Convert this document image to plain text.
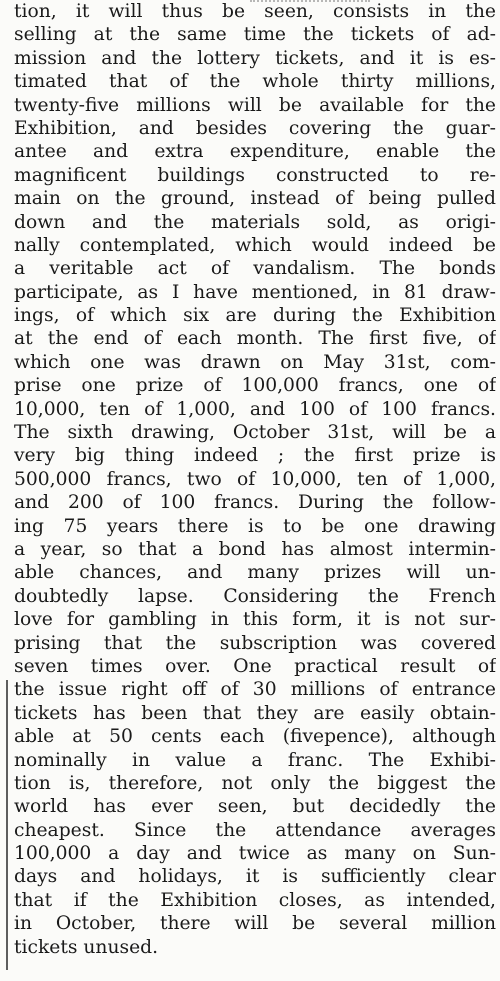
tion, it will thus be seen, consists in the
selling at the same time the tickets of ad-
mission and the lottery tickets, and it is es-
timated that of the whole thirty millions,
twenty-five millions will be available for the
Exhibition, and besides covering the guar-
antee and extra expenditure, enable the
magnificent buildings constructed to re-
main on the ground, instead of being pulled
down and the materials sold, as origi-
nally contemplated, which would indeed be
a veritable act of vandalism. The bonds
participate, as I have mentioned, in 81 draw-
ings, of which six are during the Exhibition
at the end of each month. The first five, of
which one was drawn on May 31st, com-
prise one prize of 100,000 francs, one of
10,000, ten of 1,000, and 100 of 100 francs.
The sixth drawing, October 31st, will be a
very big thing indeed ; the first prize is
500,000 francs, two of 10,000, ten of 1,000,
and 200 of 100 francs. During the follow-
ing 75 years there is to be one drawing
a year, so that a bond has almost intermin-
able chances, and many prizes will un-
doubtedly lapse. Considering the French
love for gambling in this form, it is not sur-
prising that the subscription was covered
seven times over. One practical result of
the issue right off of 30 millions of entrance
tickets has been that they are easily obtain-
able at 50 cents each (fivepence), although
nominally in value a franc. The Exhibi-
tion is, therefore, not only the biggest the
world has ever seen, but decidedly the
cheapest. Since the attendance averages
100,000 a day and twice as many on Sun-
days and holidays, it is sufficiently clear
that if the Exhibition closes, as intended,
in October, there will be several million
tickets unused.
